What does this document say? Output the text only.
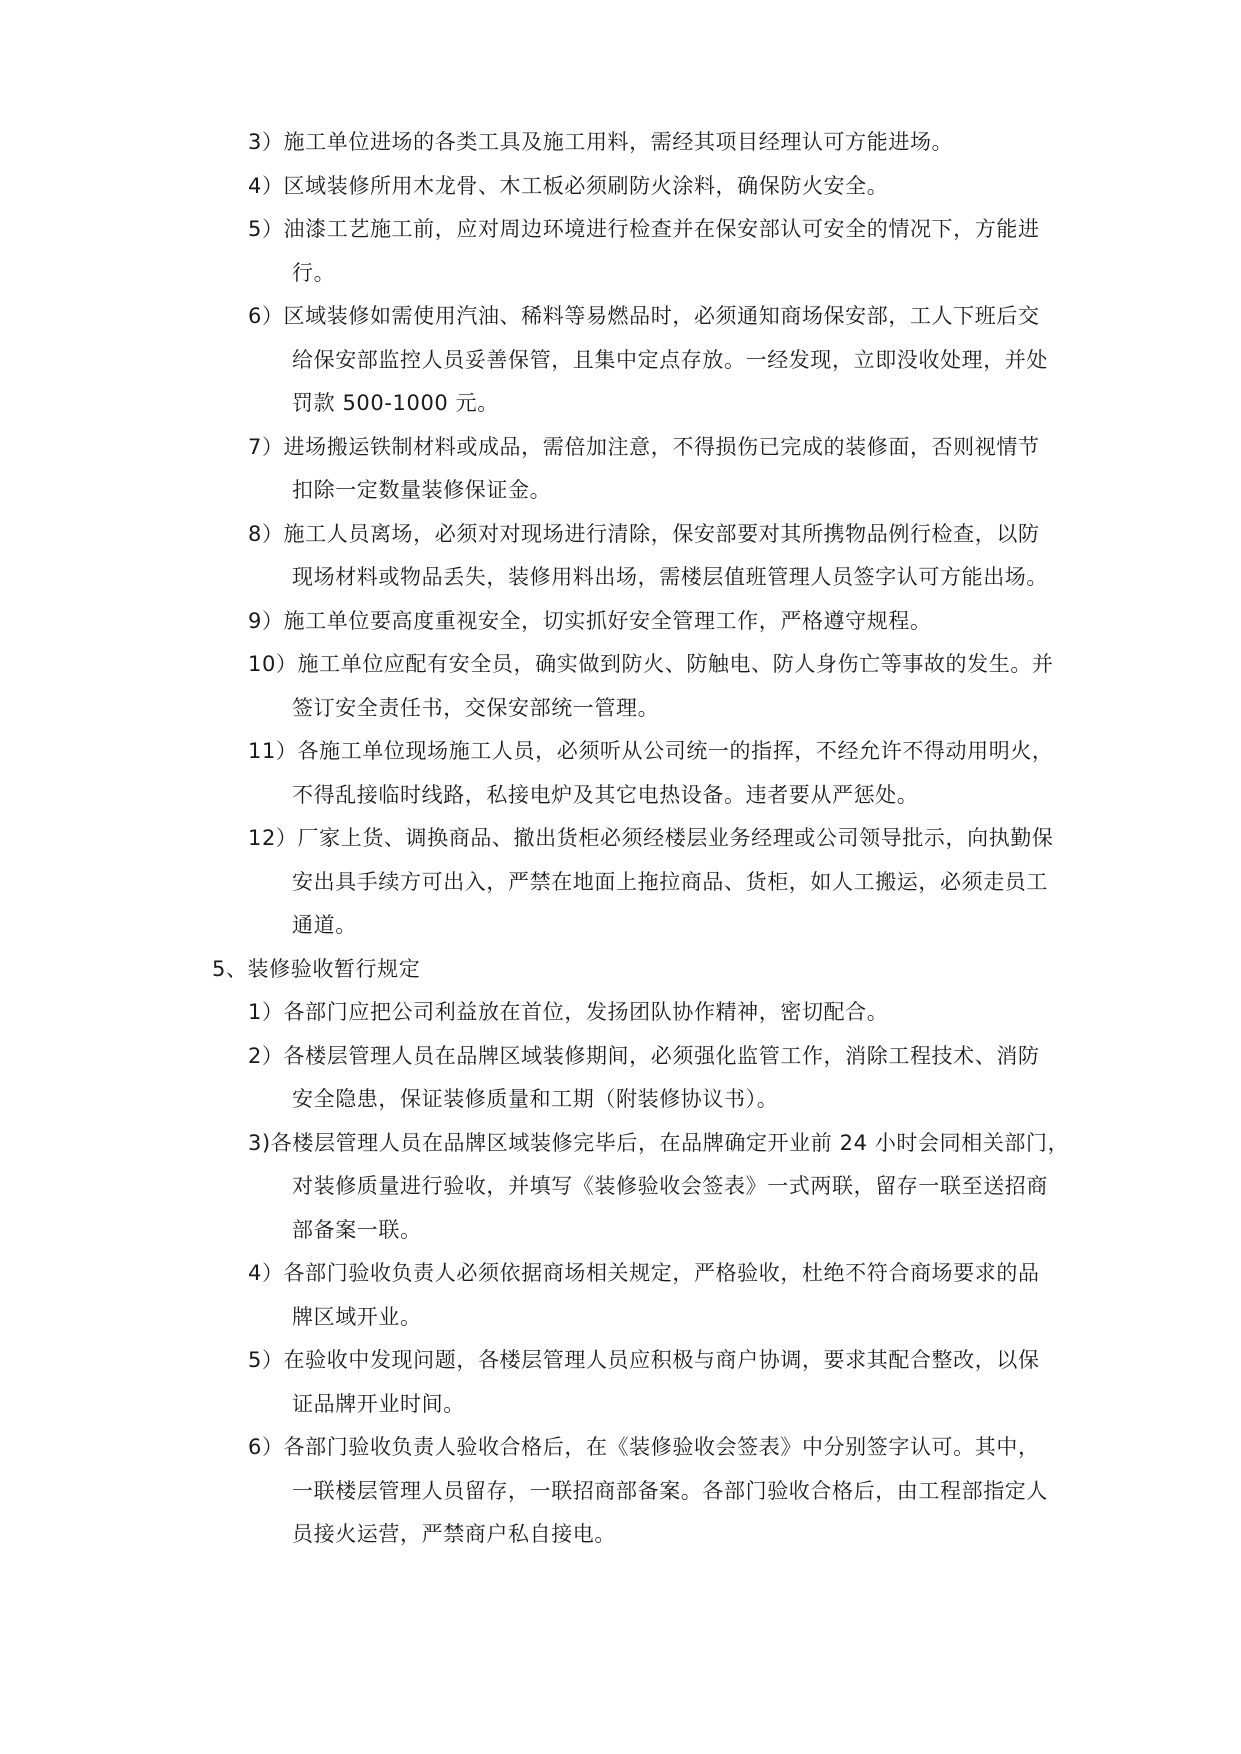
3）施工单位进场的各类工具及施工用料，需经其项目经理认可方能进场。
4）区域装修所用木龙骨、木工板必须刷防火涂料，确保防火安全。
5）油漆工艺施工前，应对周边环境进行检查并在保安部认可安全的情况下，方能进
行。
6）区域装修如需使用汽油、稀料等易燃品时，必须通知商场保安部，工人下班后交
给保安部监控人员妥善保管，且集中定点存放。一经发现，立即没收处理，并处
罚款 500-1000 元。
7）进场搬运铁制材料或成品，需倍加注意，不得损伤已完成的装修面，否则视情节
扣除一定数量装修保证金。
8）施工人员离场，必须对对现场进行清除，保安部要对其所携物品例行检查，以防
现场材料或物品丢失，装修用料出场，需楼层值班管理人员签字认可方能出场。
9）施工单位要高度重视安全，切实抓好安全管理工作，严格遵守规程。
10）施工单位应配有安全员，确实做到防火、防触电、防人身伤亡等事故的发生。并
签订安全责任书，交保安部统一管理。
11）各施工单位现场施工人员，必须听从公司统一的指挥，不经允许不得动用明火，
不得乱接临时线路，私接电炉及其它电热设备。违者要从严惩处。
12）厂家上货、调换商品、撤出货柜必须经楼层业务经理或公司领导批示，向执勤保
安出具手续方可出入，严禁在地面上拖拉商品、货柜，如人工搬运，必须走员工
通道。
5、装修验收暂行规定
1）各部门应把公司利益放在首位，发扬团队协作精神，密切配合。
2）各楼层管理人员在品牌区域装修期间，必须强化监管工作，消除工程技术、消防
安全隐患，保证装修质量和工期（附装修协议书）。
3)各楼层管理人员在品牌区域装修完毕后，在品牌确定开业前 24 小时会同相关部门，
对装修质量进行验收，并填写《装修验收会签表》一式两联，留存一联至送招商
部备案一联。
4）各部门验收负责人必须依据商场相关规定，严格验收，杜绝不符合商场要求的品
牌区域开业。
5）在验收中发现问题，各楼层管理人员应积极与商户协调，要求其配合整改，以保
证品牌开业时间。
6）各部门验收负责人验收合格后，在《装修验收会签表》中分别签字认可。其中，
一联楼层管理人员留存，一联招商部备案。各部门验收合格后，由工程部指定人
员接火运营，严禁商户私自接电。
